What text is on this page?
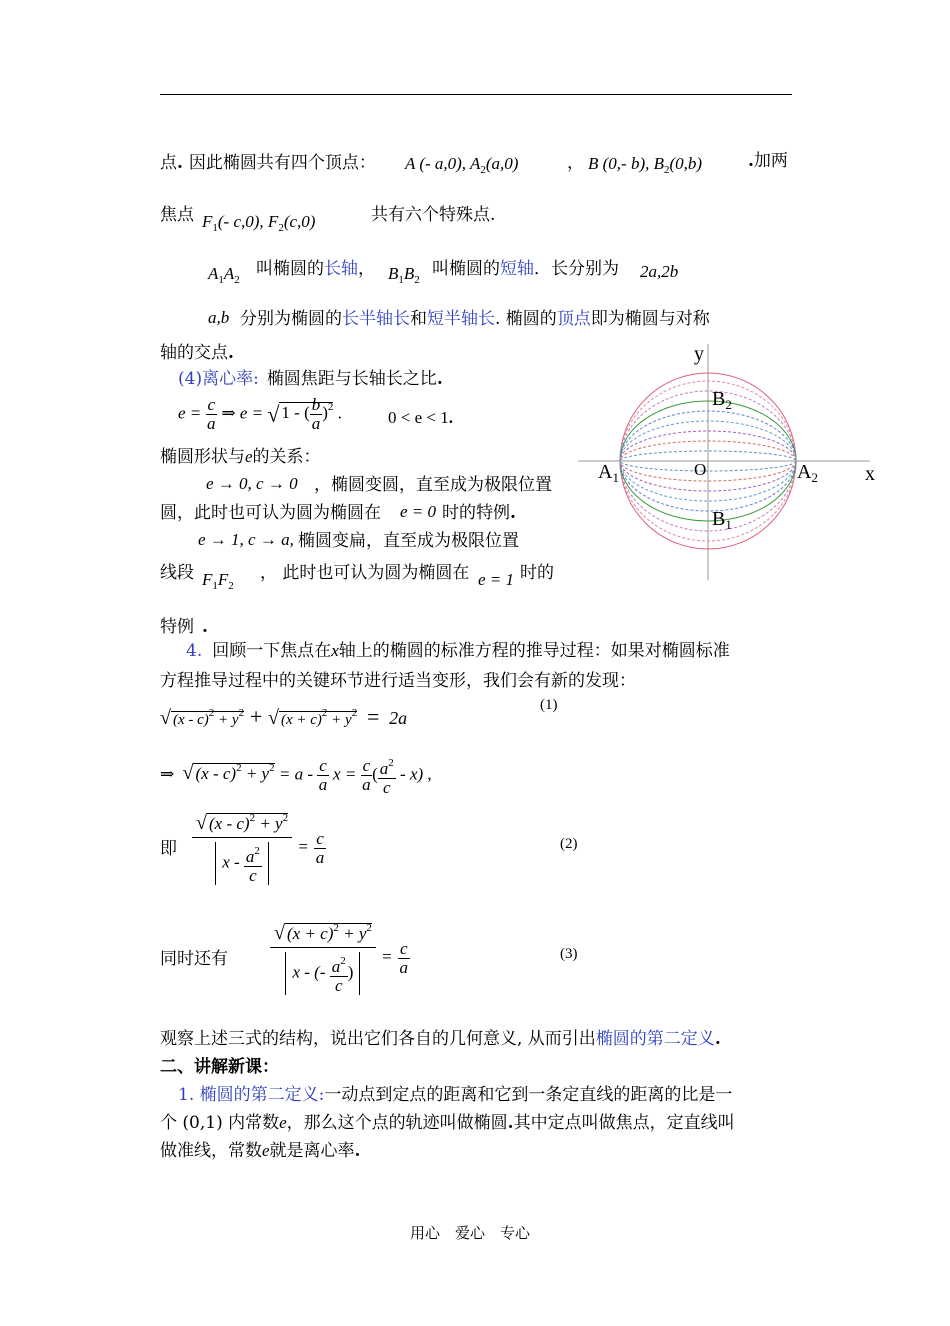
点. 因此椭圆共有四个顶点： A (- a,0), $A_2(a,0)$	， B (0,- b), $B_2(0,b)$	.加两
焦点 $F_1(-$ c,0), $F_2(c,0)$	共有六个特殊点.
$A_1A_2$
叫椭圆的长轴， $B_1B_2$
叫椭圆的短轴．长分别为 2a,2b
a,b 分别为椭圆的长半轴长和短半轴长. 椭圆的顶点即为椭圆与对称
轴的交点.
(4)离心率: 椭圆焦距与长轴长之比.
$e = \frac{c}{a}$ ⇒ e = √ 1 - ( $\frac{b}{a} )^2$ .	0 < e < 1.
椭圆形状与e的关系：
e → 0, c → 0 ，椭圆变圆，直至成为极限位置
圆，此时也可认为圆为椭圆在 e = 0 时的特例.
e → 1, c → a, 椭圆变扁，直至成为极限位置
线段 $F_1F_2$
， 此时也可认为圆为椭圆在 e = 1 时的
特例 .
4. 回顾一下焦点在x轴上的椭圆的标准方程的推导过程：如果对椭圆标准
方程推导过程中的关键环节进行适当变形，我们会有新的发现：
√ $(x - c)^2 + y^2$ + √ $(x + c)^2 + y^2 = 2a$
(1)
⇒ √ $(x - c)^2 + y^2 = a - \frac{c}{a}$ $x = \frac{c}{a}$ ( $\frac{a^2}{c} - x$) ,
即 $\frac{√ (x - c)^2 + y^2}{x - \frac{a^2}{c}} = \frac{c}{a}$	(2)
同时还有 $\frac{√ (x + c)^2 + y^2}{x - (- \frac{a^2}{c} )} = \frac{c}{a}$	(3)
观察上述三式的结构，说出它们各自的几何意义, 从而引出椭圆的第二定义.
二、讲解新课：
1. 椭圆的第二定义:一动点到定点的距离和它到一条定直线的距离的比是一
个 (0,1) 内常数e，那么这个点的轨迹叫做椭圆.其中定点叫做焦点，定直线叫
做准线，常数e就是离心率.
用心　爱心　专心
y
x
O
$A_1$	$A_2$
$B_2$
$B_1$
